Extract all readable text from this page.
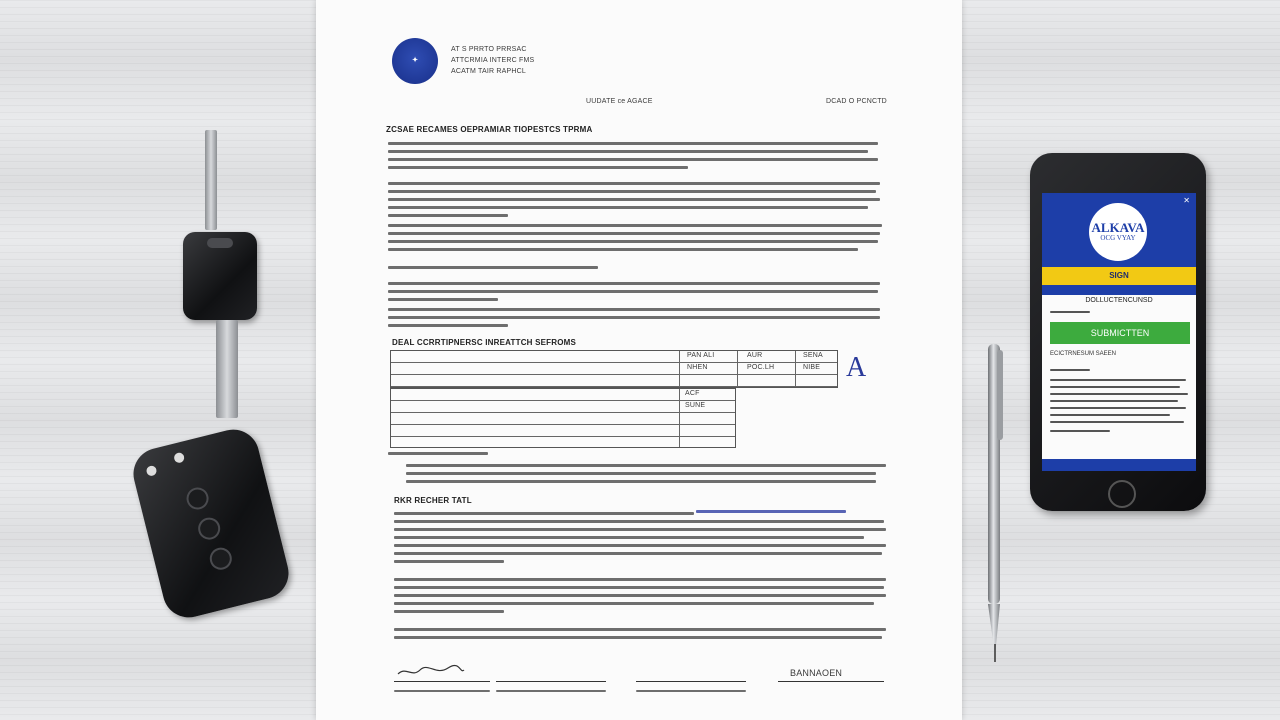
✦
AT S PRRTO PRRSAC
ATTCRMIA INTERC FMS
ACATM TAIR RAPHCL
UUDATE ce AGACE	DCAD O PCNCTD
ZCSAE RECAMES OEPRAMIAR TIOPESTCS TPRMA
DEAL CCRRTIPNERSC INREATTCH SEFROMS
PAN ALI	AUR	SENA
NHEN	POC.LH	NIBE
ACF
SUNE
A
RKR RECHER TATL
BANNAOEN
✕
ALKAVA
OCG VYAY
SIGN
DOLLUCTENCUNSD
SUBMICTTEN
ECICTRNESUM SAEEN
